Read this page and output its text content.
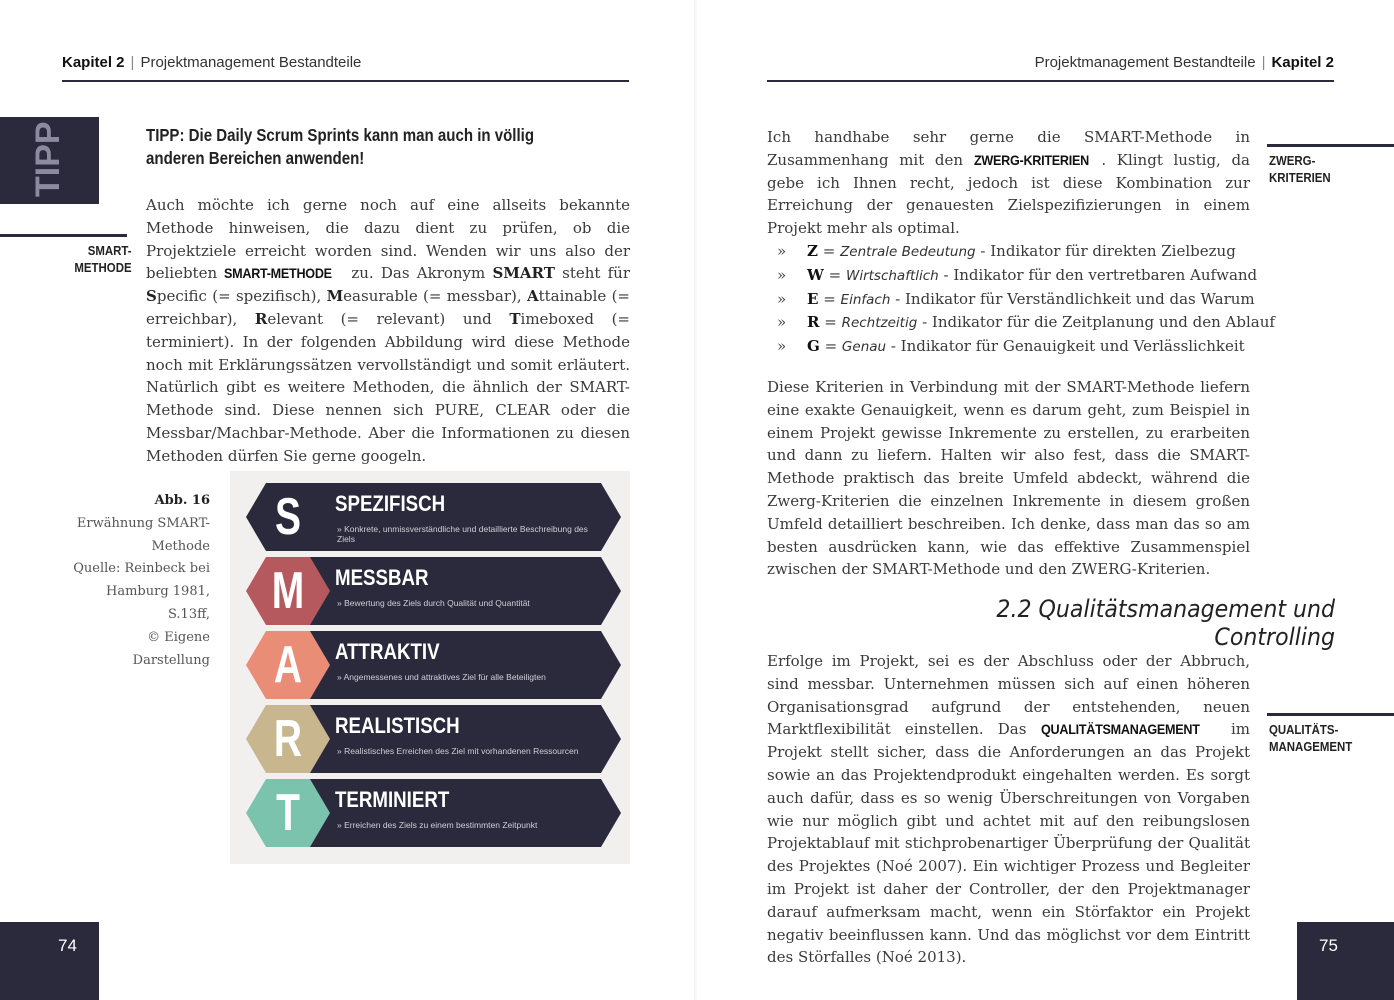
Kapitel 2 | Projektmanagement Bestandteile
TIPP	TIPP: Die Daily Scrum Sprints kann man auch in völlig anderen Bereichen anwenden!
SMART-METHODE

Auch möchte ich gerne noch auf eine allseits bekannte Methode hinweisen, die dazu dient zu prüfen, ob die Projektziele erreicht worden sind. Wenden wir uns also der beliebten SMART-METHODE zu. Das Akronym SMART steht für Specific (= spezifisch), Measurable (= messbar), Attainable (= erreichbar), Relevant (= relevant) und Timeboxed (= terminiert). In der folgenden Abbildung wird diese Methode noch mit Erklärungssätzen vervollständigt und somit erläutert. Natürlich gibt es weitere Methoden, die ähnlich der SMART-Methode sind. Diese nennen sich PURE, CLEAR oder die Messbar/Machbar-Methode. Aber die Informationen zu diesen Methoden dürfen Sie gerne googeln.

Abb. 16
Erwähnung SMART-Methode
Quelle: Reinbeck bei Hamburg 1981, S.13ff,
© Eigene Darstellung
S	SPEZIFISCH
» Konkrete, unmissverständliche und detaillierte Beschreibung des Ziels
M	MESSBAR
» Bewertung des Ziels durch Qualität und Quantität
A	ATTRAKTIV
» Angemessenes und attraktives Ziel für alle Beteiligten
R	REALISTISCH
» Realistisches Erreichen des Ziel mit vorhandenen Ressourcen
T	TERMINIERT
» Erreichen des Ziels zu einem bestimmten Zeitpunkt
74
Projektmanagement Bestandteile | Kapitel 2

Ich handhabe sehr gerne die SMART-Methode in Zusammenhang mit den ZWERG-KRITERIEN . Klingt lustig, da gebe ich Ihnen recht, jedoch ist diese Kombination zur Erreichung der genauesten Zielspezifizierungen in einem Projekt mehr als optimal.

ZWERG-KRITERIEN
» Z = Zentrale Bedeutung - Indikator für direkten Zielbezug
» W = Wirtschaftlich - Indikator für den vertretbaren Aufwand
» E = Einfach - Indikator für Verständlichkeit und das Warum
» R = Rechtzeitig - Indikator für die Zeitplanung und den Ablauf
» G = Genau - Indikator für Genauigkeit und Verlässlichkeit

Diese Kriterien in Verbindung mit der SMART-Methode liefern eine exakte Genauigkeit, wenn es darum geht, zum Beispiel in einem Projekt gewisse Inkremente zu erstellen, zu erarbeiten und dann zu liefern. Halten wir also fest, dass die SMART-Methode praktisch das breite Umfeld abdeckt, während die Zwerg-Kriterien die einzelnen Inkremente in diesem großen Umfeld detailliert beschreiben. Ich denke, dass man das so am besten ausdrücken kann, wie das effektive Zusammenspiel zwischen der SMART-Methode und den ZWERG-Kriterien.

2.2 Qualitätsmanagement und Controlling

Erfolge im Projekt, sei es der Abschluss oder der Abbruch, sind messbar. Unternehmen müssen sich auf einen höheren Organisationsgrad aufgrund der entstehenden, neuen Marktflexibilität einstellen. Das QUALITÄTSMANAGEMENT im Projekt stellt sicher, dass die Anforderungen an das Projekt sowie an das Projektendprodukt eingehalten werden. Es sorgt auch dafür, dass es so wenig Überschreitungen von Vorgaben wie nur möglich gibt und achtet mit auf den reibungslosen Projektablauf mit stichprobenartiger Überprüfung der Qualität des Projektes (Noé 2007). Ein wichtiger Prozess und Begleiter im Projekt ist daher der Controller, der den Projektmanager darauf aufmerksam macht, wenn ein Störfaktor ein Projekt negativ beeinflussen kann. Und das möglichst vor dem Eintritt des Störfalles (Noé 2013).

QUALITÄTS-MANAGEMENT
75
